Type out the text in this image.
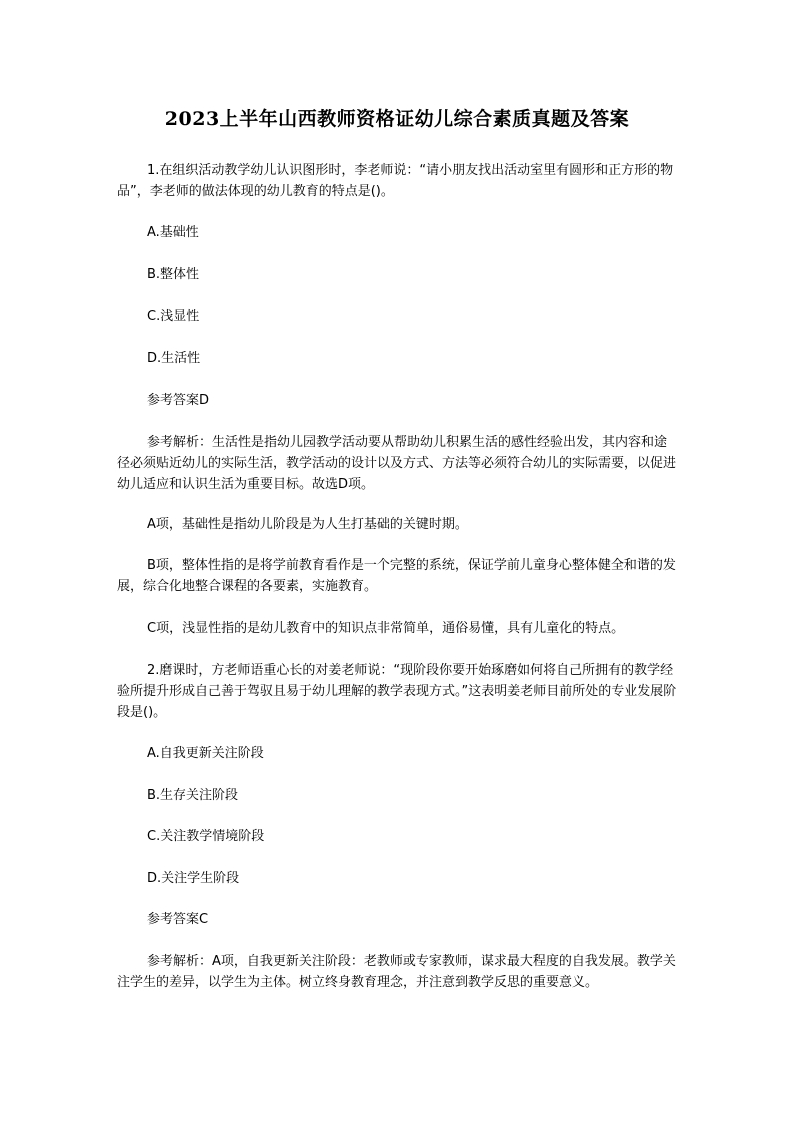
2023上半年山西教师资格证幼儿综合素质真题及答案

1.在组织活动教学幼儿认识图形时，李老师说：“请小朋友找出活动室里有圆形和正方形的物品”，李老师的做法体现的幼儿教育的特点是()。

A.基础性

B.整体性

C.浅显性

D.生活性

参考答案D

参考解析：生活性是指幼儿园教学活动要从帮助幼儿积累生活的感性经验出发，其内容和途径必须贴近幼儿的实际生活，教学活动的设计以及方式、方法等必须符合幼儿的实际需要，以促进幼儿适应和认识生活为重要目标。故选D项。

A项，基础性是指幼儿阶段是为人生打基础的关键时期。

B项，整体性指的是将学前教育看作是一个完整的系统，保证学前儿童身心整体健全和谐的发展，综合化地整合课程的各要素，实施教育。

C项，浅显性指的是幼儿教育中的知识点非常简单，通俗易懂，具有儿童化的特点。

2.磨课时，方老师语重心长的对姜老师说：“现阶段你要开始琢磨如何将自己所拥有的教学经验所提升形成自己善于驾驭且易于幼儿理解的教学表现方式。”这表明姜老师目前所处的专业发展阶段是()。

A.自我更新关注阶段

B.生存关注阶段

C.关注教学情境阶段

D.关注学生阶段

参考答案C

参考解析：A项，自我更新关注阶段：老教师或专家教师，谋求最大程度的自我发展。教学关注学生的差异，以学生为主体。树立终身教育理念，并注意到教学反思的重要意义。
